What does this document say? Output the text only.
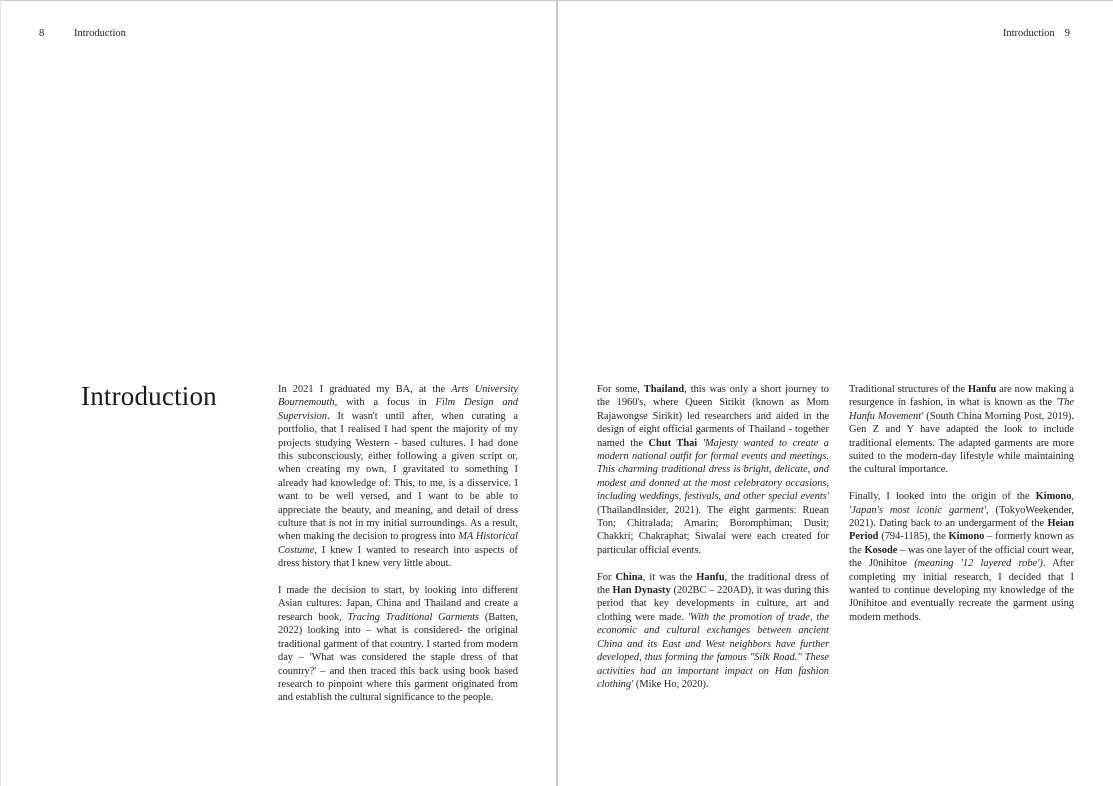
8	Introduction
Introduction	In 2021 I graduated my BA, at the Arts University Bournemouth, with a focus in Film Design and Supervision. It wasn't until after, when curating a portfolio, that I realised I had spent the majority of my projects studying Western - based cultures. I had done this subconsciously, either following a given script or, when creating my own, I gravitated to something I already had knowledge of. This, to me, is a disservice. I want to be well versed, and I want to be able to appreciate the beauty, and meaning, and detail of dress culture that is not in my initial surroundings. As a result, when making the decision to progress into MA Historical Costume, I knew I wanted to research into aspects of dress history that I knew very little about.

I made the decision to start, by looking into different Asian cultures: Japan, China and Thailand and create a research book, Tracing Traditional Garments (Batten, 2022) looking into – what is considered- the original traditional garment of that country. I started from modern day – 'What was considered the staple dress of that country?' – and then traced this back using book based research to pinpoint where this garment originated from and establish the cultural significance to the people.

Introduction 9

For some, Thailand, this was only a short journey to the 1960's, where Queen Sirikit (known as Mom Rajawongse Sirikit) led researchers and aided in the design of eight official garments of Thailand - together named the Chut Thai 'Majesty wanted to create a modern national outfit for formal events and meetings. This charming traditional dress is bright, delicate, and modest and donned at the most celebratory occasions, including weddings, festivals, and other special events' (ThailandInsider, 2021). The eight garments: Ruean Ton; Chitralada; Amarin; Boromphiman; Dusit; Chakkri; Chakraphat; Siwalai were each created for particular official events.

For China, it was the Hanfu, the traditional dress of the Han Dynasty (202BC – 220AD), it was during this period that key developments in culture, art and clothing were made. 'With the promotion of trade, the economic and cultural exchanges between ancient China and its East and West neighbors have further developed, thus forming the famous "Silk Road." These activities had an important impact on Han fashion clothing' (Mike Ho, 2020).

Traditional structures of the Hanfu are now making a resurgence in fashion, in what is known as the 'The Hanfu Movement' (South China Morning Post, 2019). Gen Z and Y have adapted the look to include traditional elements. The adapted garments are more suited to the modern-day lifestyle while maintaining the cultural importance.

Finally, I looked into the origin of the Kimono, 'Japan's most iconic garment', (TokyoWeekender, 2021). Dating back to an undergarment of the Heian Period (794-1185), the Kimono – formerly known as the Kosode – was one layer of the official court wear, the J0nihitoe (meaning '12 layered robe'). After completing my initial research, I decided that I wanted to continue developing my knowledge of the J0nihitoe and eventually recreate the garment using modern methods.
